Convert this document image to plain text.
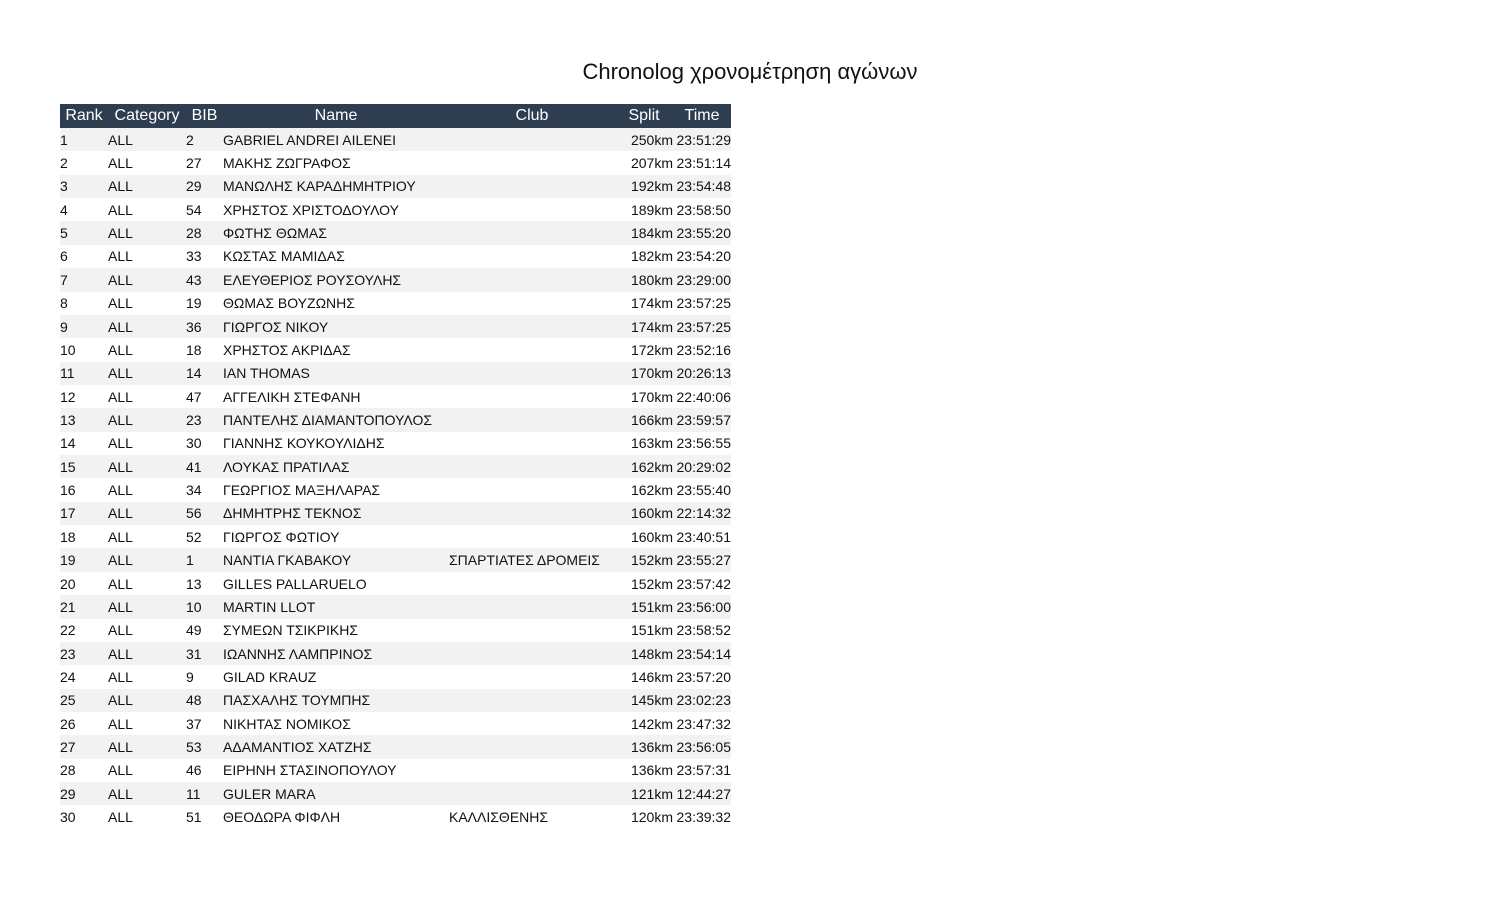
Chronolog χρονομέτρηση αγώνων
Rank	Category	BIB	Name	Club	Split	Time
1	ALL	2	GABRIEL ANDREI AILENEI		250km	23:51:29
2	ALL	27	ΜΑΚΗΣ ΖΩΓΡΑΦΟΣ		207km	23:51:14
3	ALL	29	ΜΑΝΩΛΗΣ ΚΑΡΑΔΗΜΗΤΡΙΟΥ		192km	23:54:48
4	ALL	54	ΧΡΗΣΤΟΣ ΧΡΙΣΤΟΔΟΥΛΟΥ		189km	23:58:50
5	ALL	28	ΦΩΤΗΣ ΘΩΜΑΣ		184km	23:55:20
6	ALL	33	ΚΩΣΤΑΣ ΜΑΜΙΔΑΣ		182km	23:54:20
7	ALL	43	ΕΛΕΥΘΕΡΙΟΣ ΡΟΥΣΟΥΛΗΣ		180km	23:29:00
8	ALL	19	ΘΩΜΑΣ ΒΟΥΖΩΝΗΣ		174km	23:57:25
9	ALL	36	ΓΙΩΡΓΟΣ ΝΙΚΟΥ		174km	23:57:25
10	ALL	18	ΧΡΗΣΤΟΣ ΑΚΡΙΔΑΣ		172km	23:52:16
11	ALL	14	IAN THOMAS		170km	20:26:13
12	ALL	47	ΑΓΓΕΛΙΚΗ ΣΤΕΦΑΝΗ		170km	22:40:06
13	ALL	23	ΠΑΝΤΕΛΗΣ ΔΙΑΜΑΝΤΟΠΟΥΛΟΣ		166km	23:59:57
14	ALL	30	ΓΙΑΝΝΗΣ ΚΟΥΚΟΥΛΙΔΗΣ		163km	23:56:55
15	ALL	41	ΛΟΥΚΑΣ ΠΡΑΤΙΛΑΣ		162km	20:29:02
16	ALL	34	ΓΕΩΡΓΙΟΣ ΜΑΞΗΛΑΡΑΣ		162km	23:55:40
17	ALL	56	ΔΗΜΗΤΡΗΣ ΤΕΚΝΟΣ		160km	22:14:32
18	ALL	52	ΓΙΩΡΓΟΣ ΦΩΤΙΟΥ		160km	23:40:51
19	ALL	1	ΝΑΝΤΙΑ ΓΚΑΒΑΚΟΥ	ΣΠΑΡΤΙΑΤΕΣ ΔΡΟΜΕΙΣ	152km	23:55:27
20	ALL	13	GILLES PALLARUELO		152km	23:57:42
21	ALL	10	MARTIN LLOT		151km	23:56:00
22	ALL	49	ΣΥΜΕΩΝ ΤΣΙΚΡΙΚΗΣ		151km	23:58:52
23	ALL	31	ΙΩΑΝΝΗΣ ΛΑΜΠΡΙΝΟΣ		148km	23:54:14
24	ALL	9	GILAD KRAUZ		146km	23:57:20
25	ALL	48	ΠΑΣΧΑΛΗΣ ΤΟΥΜΠΗΣ		145km	23:02:23
26	ALL	37	ΝΙΚΗΤΑΣ ΝΟΜΙΚΟΣ		142km	23:47:32
27	ALL	53	ΑΔΑΜΑΝΤΙΟΣ ΧΑΤΖΗΣ		136km	23:56:05
28	ALL	46	ΕΙΡΗΝΗ ΣΤΑΣΙΝΟΠΟΥΛΟΥ		136km	23:57:31
29	ALL	11	GULER MARA		121km	12:44:27
30	ALL	51	ΘΕΟΔΩΡΑ ΦΙΦΛΗ	ΚΑΛΛΙΣΘΕΝΗΣ	120km	23:39:32
